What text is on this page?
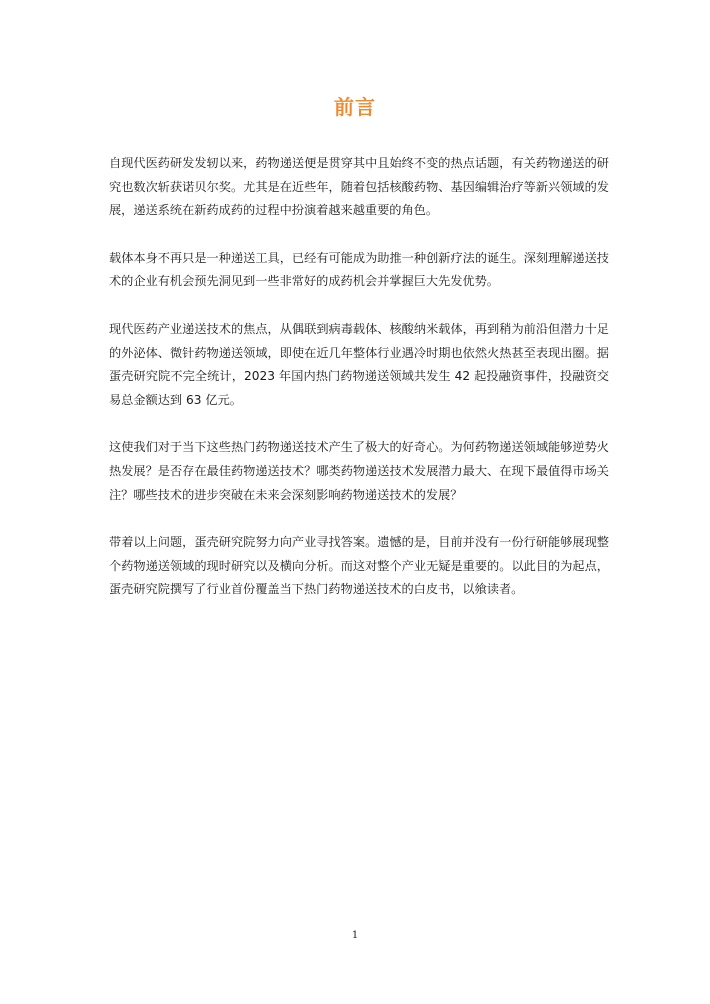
前言

自现代医药研发发轫以来，药物递送便是贯穿其中且始终不变的热点话题，有关药物递送的研究也数次斩获诺贝尔奖。尤其是在近些年，随着包括核酸药物、基因编辑治疗等新兴领域的发展，递送系统在新药成药的过程中扮演着越来越重要的角色。

载体本身不再只是一种递送工具，已经有可能成为助推一种创新疗法的诞生。深刻理解递送技术的企业有机会预先洞见到一些非常好的成药机会并掌握巨大先发优势。

现代医药产业递送技术的焦点，从偶联到病毒载体、核酸纳米载体，再到稍为前沿但潜力十足的外泌体、微针药物递送领域，即使在近几年整体行业遇冷时期也依然火热甚至表现出圈。据蛋壳研究院不完全统计，2023 年国内热门药物递送领域共发生 42 起投融资事件，投融资交易总金额达到 63 亿元。

这使我们对于当下这些热门药物递送技术产生了极大的好奇心。为何药物递送领域能够逆势火热发展？是否存在最佳药物递送技术？哪类药物递送技术发展潜力最大、在现下最值得市场关注？哪些技术的进步突破在未来会深刻影响药物递送技术的发展？

带着以上问题，蛋壳研究院努力向产业寻找答案。遗憾的是，目前并没有一份行研能够展现整个药物递送领域的现时研究以及横向分析。而这对整个产业无疑是重要的。以此目的为起点，蛋壳研究院撰写了行业首份覆盖当下热门药物递送技术的白皮书，以飨读者。

1
